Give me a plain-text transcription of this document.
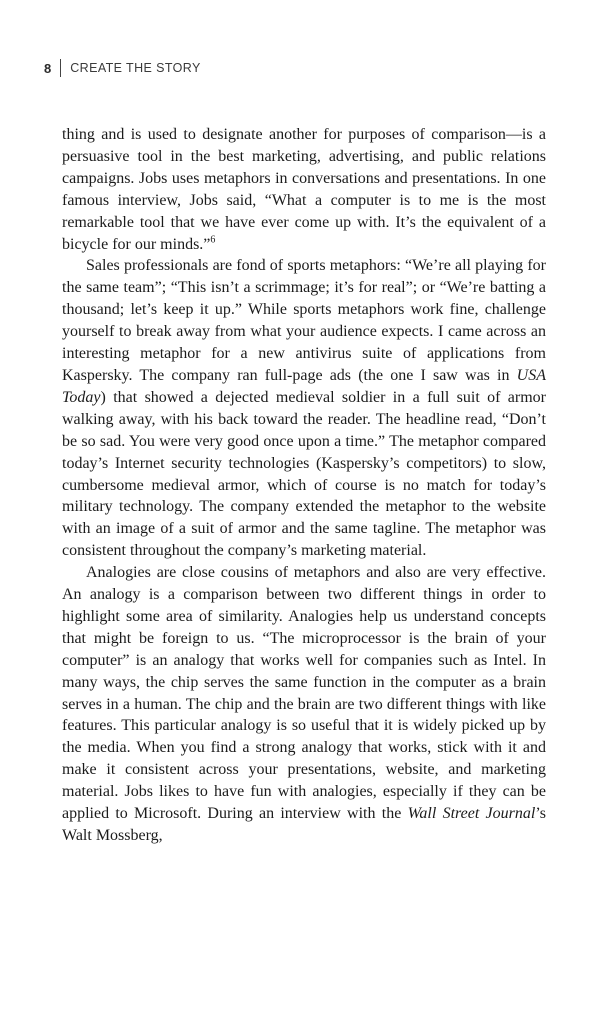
8	CREATE THE STORY

thing and is used to designate another for purposes of comparison—is a persuasive tool in the best marketing, advertising, and public relations campaigns. Jobs uses metaphors in conversations and presentations. In one famous interview, Jobs said, “What a computer is to me is the most remarkable tool that we have ever come up with. It’s the equivalent of a bicycle for our minds.”$^6$

Sales professionals are fond of sports metaphors: “We’re all playing for the same team”; “This isn’t a scrimmage; it’s for real”; or “We’re batting a thousand; let’s keep it up.” While sports metaphors work fine, challenge yourself to break away from what your audience expects. I came across an interesting metaphor for a new antivirus suite of applications from Kaspersky. The company ran full-page ads (the one I saw was in USA Today) that showed a dejected medieval soldier in a full suit of armor walking away, with his back toward the reader. The headline read, “Don’t be so sad. You were very good once upon a time.” The metaphor compared today’s Internet security technologies (Kaspersky’s competitors) to slow, cumbersome medieval armor, which of course is no match for today’s military technology. The company extended the metaphor to the website with an image of a suit of armor and the same tagline. The metaphor was consistent throughout the company’s marketing material.

Analogies are close cousins of metaphors and also are very effective. An analogy is a comparison between two different things in order to highlight some area of similarity. Analogies help us understand concepts that might be foreign to us. “The microprocessor is the brain of your computer” is an analogy that works well for companies such as Intel. In many ways, the chip serves the same function in the computer as a brain serves in a human. The chip and the brain are two different things with like features. This particular analogy is so useful that it is widely picked up by the media. When you find a strong analogy that works, stick with it and make it consistent across your presentations, website, and marketing material. Jobs likes to have fun with analogies, especially if they can be applied to Microsoft. During an interview with the Wall Street Journal’s Walt Mossberg,
